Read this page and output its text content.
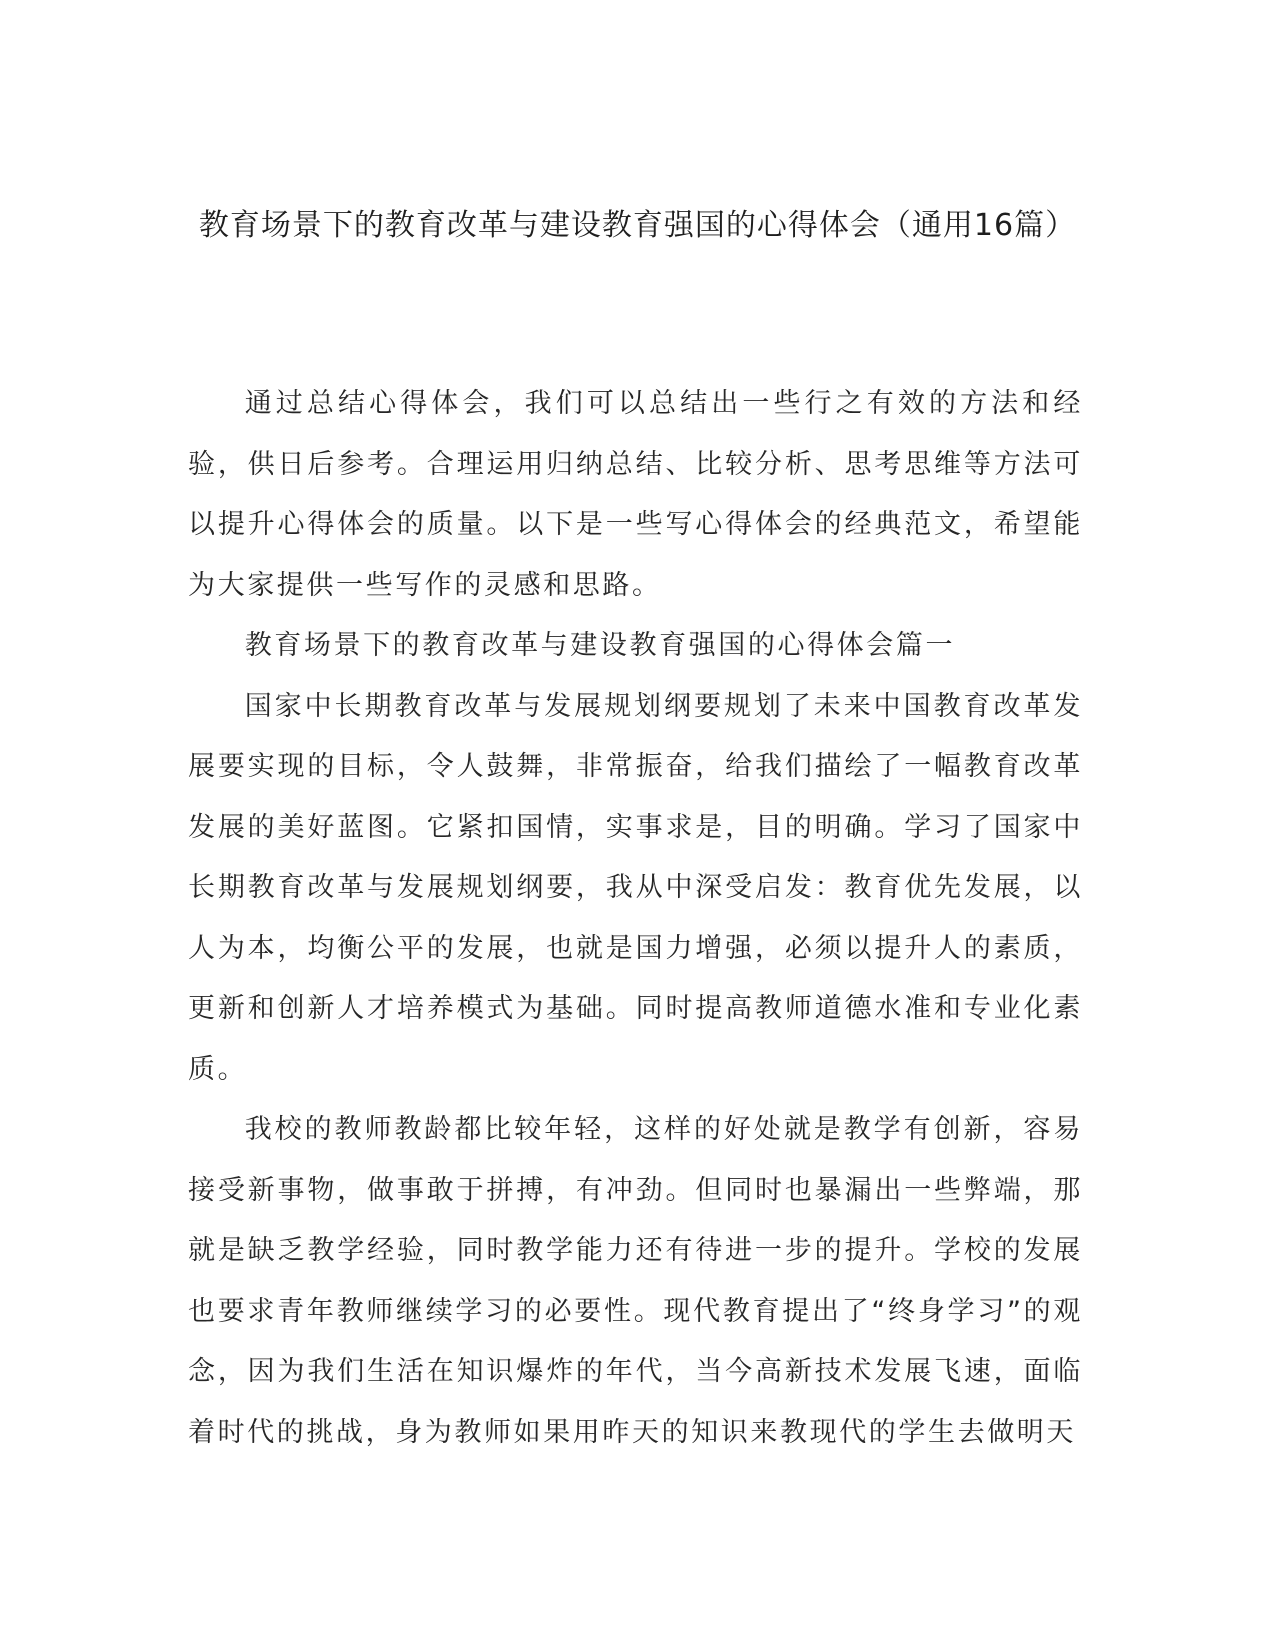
教育场景下的教育改革与建设教育强国的心得体会（通用16篇）

通过总结心得体会，我们可以总结出一些行之有效的方法和经验，供日后参考。合理运用归纳总结、比较分析、思考思维等方法可以提升心得体会的质量。以下是一些写心得体会的经典范文，希望能为大家提供一些写作的灵感和思路。

教育场景下的教育改革与建设教育强国的心得体会篇一

国家中长期教育改革与发展规划纲要规划了未来中国教育改革发展要实现的目标，令人鼓舞，非常振奋，给我们描绘了一幅教育改革发展的美好蓝图。它紧扣国情，实事求是，目的明确。学习了国家中长期教育改革与发展规划纲要，我从中深受启发：教育优先发展，以人为本，均衡公平的发展，也就是国力增强，必须以提升人的素质，更新和创新人才培养模式为基础。同时提高教师道德水准和专业化素质。

我校的教师教龄都比较年轻，这样的好处就是教学有创新，容易接受新事物，做事敢于拼搏，有冲劲。但同时也暴漏出一些弊端，那就是缺乏教学经验，同时教学能力还有待进一步的提升。学校的发展也要求青年教师继续学习的必要性。现代教育提出了“终身学习”的观念，因为我们生活在知识爆炸的年代，当今高新技术发展飞速，面临着时代的挑战，身为教师如果用昨天的知识来教现代的学生去做明天
